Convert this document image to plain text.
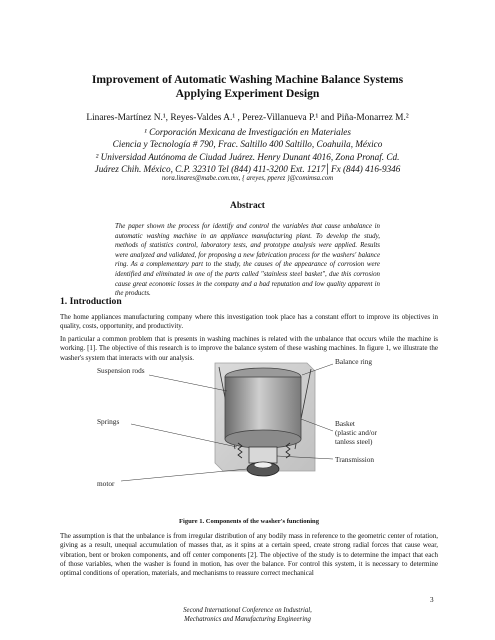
Improvement of Automatic Washing Machine Balance Systems
Applying Experiment Design
Linares-Martínez N.¹, Reyes-Valdes A.¹ , Perez-Villanueva P.¹ and Piña-Monarrez M.²
¹ Corporación Mexicana de Investigación en Materiales
Ciencia y Tecnología # 790, Frac. Saltillo 400 Saltillo, Coahuila, México
² Universidad Autónoma de Ciudad Juárez. Henry Dunant 4016, Zona Pronaf. Cd.
Juárez Chih. México, C.P. 32310 Tel (844) 411-3200 Ext. 1217│Fx (844) 416-9346
nora.linares@mabe.com.mx, { areyes, pperez }@comimsa.com
Abstract
The paper shown the process for identify and control the variables that cause unbalance in automatic washing machine in an appliance manufacturing plant. To develop the study, methods of statistics control, laboratory tests, and prototype analysis were applied. Results were analyzed and validated, for proposing a new fabrication process for the washers' balance ring. As a complementary part to the study, the causes of the appearance of corrosion were identified and eliminated in one of the parts called "stainless steel basket", due this corrosion cause great economic losses in the company and a bad reputation and low quality apparent in the products.
1. Introduction
The home appliances manufacturing company where this investigation took place has a constant effort to improve its objectives in quality, costs, opportunity, and productivity.
In particular a common problem that is presents in washing machines is related with the unbalance that occurs while the machine is working. [1]. The objective of this research is to improve the balance system of these washing machines. In figure 1, we illustrate the washer's system that interacts with our analysis.
Suspension rods
Balance ring
Springs	Basket
(plastic and/or
tanless steel)
Transmission
motor
Figure 1. Components of the washer's functioning
The assumption is that the unbalance is from irregular distribution of any bodily mass in reference to the geometric center of rotation, giving as a result, unequal accumulation of masses that, as it spins at a certain speed, create strong radial forces that cause wear, vibration, bent or broken components, and off center components [2]. The objective of the study is to determine the impact that each of those variables, when the washer is found in motion, has over the balance. For control this system, it is necessary to determine optimal conditions of operation, materials, and mechanisms to reassure correct mechanical
3
Second International Conference on Industrial,
Mechatronics and Manufacturing Engineering
